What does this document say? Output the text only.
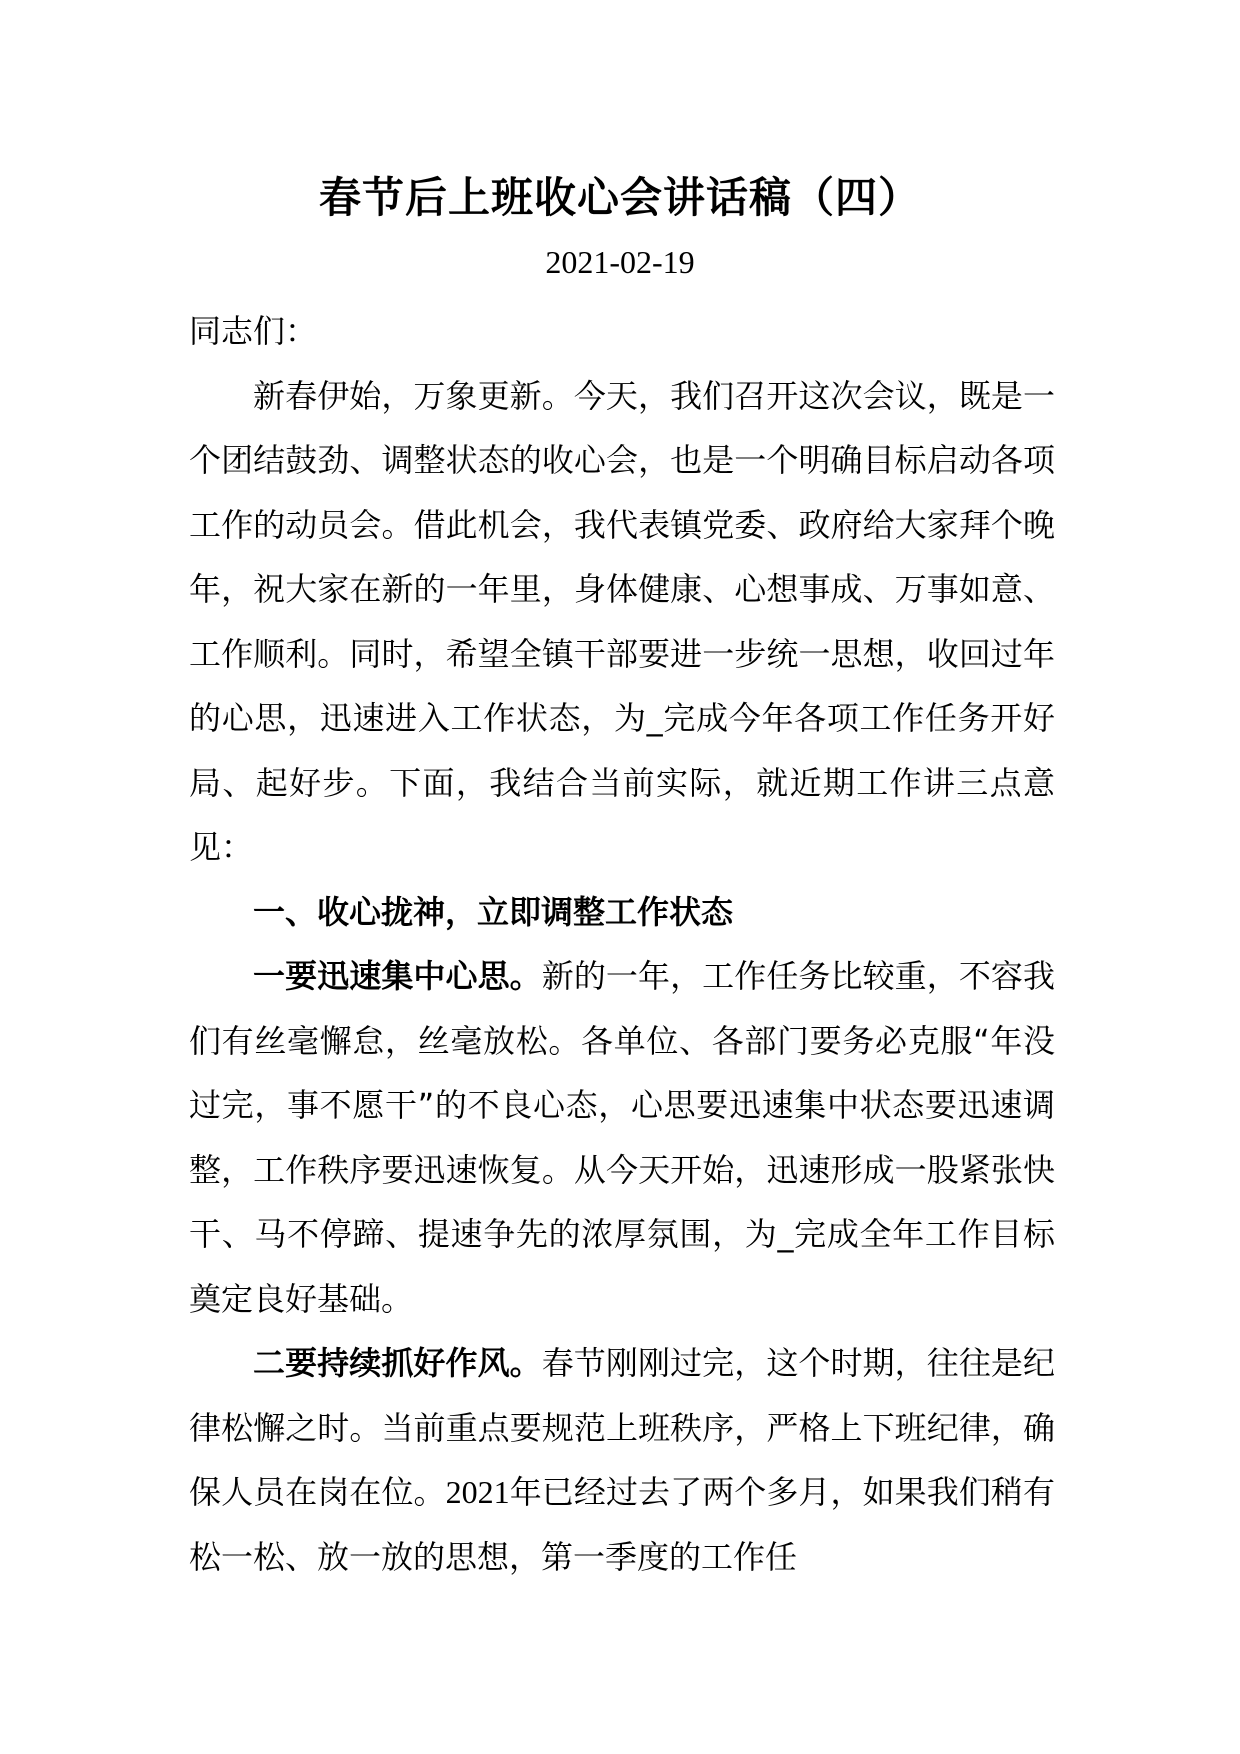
春节后上班收心会讲话稿（四）
2021-02-19

同志们：

新春伊始，万象更新。今天，我们召开这次会议，既是一个团结鼓劲、调整状态的收心会，也是一个明确目标启动各项工作的动员会。借此机会，我代表镇党委、政府给大家拜个晚年，祝大家在新的一年里，身体健康、心想事成、万事如意、工作顺利。同时，希望全镇干部要进一步统一思想，收回过年的心思，迅速进入工作状态，为_完成今年各项工作任务开好局、起好步。下面，我结合当前实际，就近期工作讲三点意见：

一、收心拢神，立即调整工作状态

一要迅速集中心思。新的一年，工作任务比较重，不容我们有丝毫懈怠，丝毫放松。各单位、各部门要务必克服“年没过完，事不愿干”的不良心态，心思要迅速集中状态要迅速调整，工作秩序要迅速恢复。从今天开始，迅速形成一股紧张快干、马不停蹄、提速争先的浓厚氛围，为_完成全年工作目标奠定良好基础。

二要持续抓好作风。春节刚刚过完，这个时期，往往是纪律松懈之时。当前重点要规范上班秩序，严格上下班纪律，确保人员在岗在位。2021年已经过去了两个多月，如果我们稍有松一松、放一放的思想，第一季度的工作任
